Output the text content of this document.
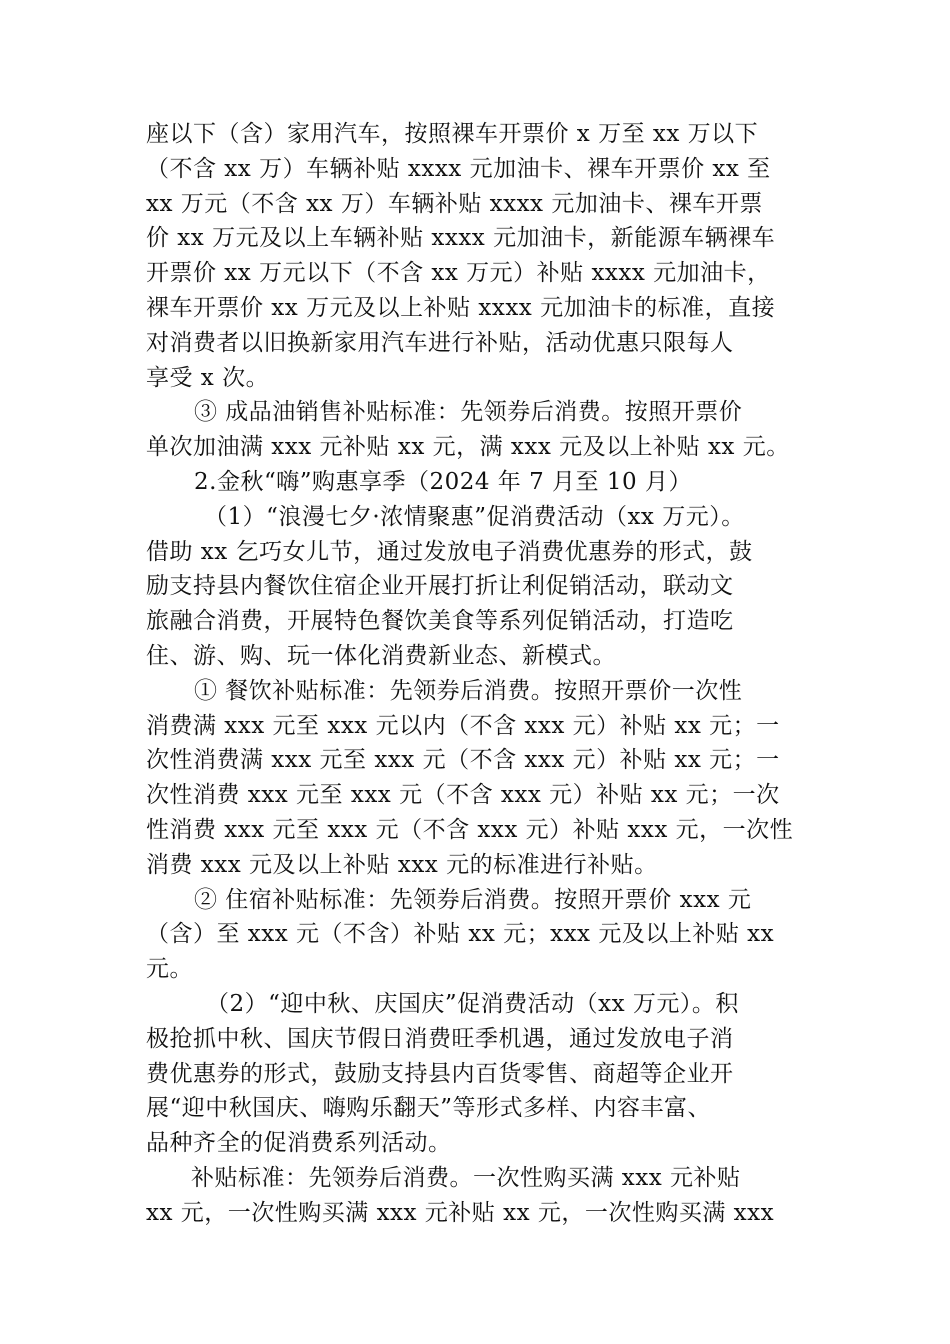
座以下（含）家用汽车，按照裸车开票价 x 万至 xx 万以下
（不含 xx 万）车辆补贴 xxxx 元加油卡、裸车开票价 xx 至
xx 万元（不含 xx 万）车辆补贴 xxxx 元加油卡、裸车开票
价 xx 万元及以上车辆补贴 xxxx 元加油卡，新能源车辆裸车
开票价 xx 万元以下（不含 xx 万元）补贴 xxxx 元加油卡，
裸车开票价 xx 万元及以上补贴 xxxx 元加油卡的标准，直接
对消费者以旧换新家用汽车进行补贴，活动优惠只限每人
享受 x 次。
③ 成品油销售补贴标准：先领券后消费。按照开票价
单次加油满 xxx 元补贴 xx 元，满 xxx 元及以上补贴 xx 元。
2.金秋“嗨”购惠享季（2024 年 7 月至 10 月）
（1）“浪漫七夕·浓情聚惠”促消费活动（xx 万元）。
借助 xx 乞巧女儿节，通过发放电子消费优惠券的形式，鼓
励支持县内餐饮住宿企业开展打折让利促销活动，联动文
旅融合消费，开展特色餐饮美食等系列促销活动，打造吃
住、游、购、玩一体化消费新业态、新模式。
① 餐饮补贴标准：先领券后消费。按照开票价一次性
消费满 xxx 元至 xxx 元以内（不含 xxx 元）补贴 xx 元；一
次性消费满 xxx 元至 xxx 元（不含 xxx 元）补贴 xx 元；一
次性消费 xxx 元至 xxx 元（不含 xxx 元）补贴 xx 元；一次
性消费 xxx 元至 xxx 元（不含 xxx 元）补贴 xxx 元，一次性
消费 xxx 元及以上补贴 xxx 元的标准进行补贴。
② 住宿补贴标准：先领券后消费。按照开票价 xxx 元
（含）至 xxx 元（不含）补贴 xx 元；xxx 元及以上补贴 xx
元。
（2）“迎中秋、庆国庆”促消费活动（xx 万元）。积
极抢抓中秋、国庆节假日消费旺季机遇，通过发放电子消
费优惠券的形式，鼓励支持县内百货零售、商超等企业开
展“迎中秋国庆、嗨购乐翻天”等形式多样、内容丰富、
品种齐全的促消费系列活动。
补贴标准：先领券后消费。一次性购买满 xxx 元补贴
xx 元，一次性购买满 xxx 元补贴 xx 元，一次性购买满 xxx
